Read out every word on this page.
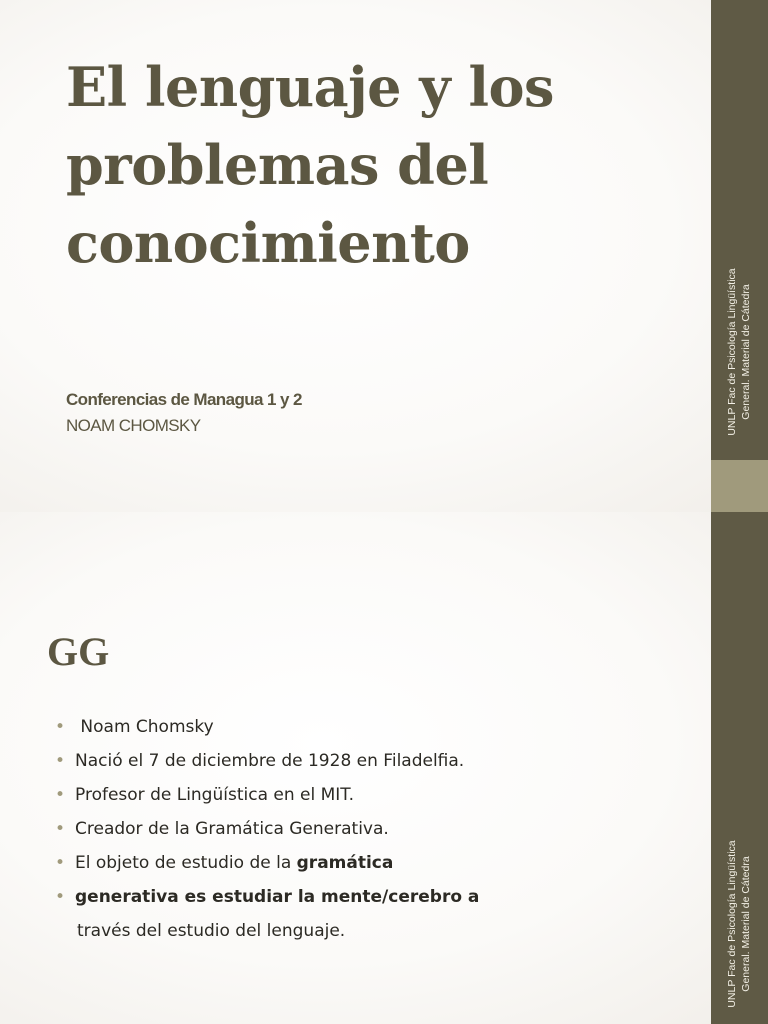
El lenguaje y los
problemas del
conocimiento
Conferencias de Managua 1 y 2
NOAM CHOMSKY	UNLP Fac de Psicología Lingüística General. Material de Cátedra
GG
• Noam Chomsky
• Nació el 7 de diciembre de 1928 en Filadelfia.
• Profesor de Lingüística en el MIT.
• Creador de la Gramática Generativa.
• El objeto de estudio de la gramática
• generativa es estudiar la mente/cerebro a
través del estudio del lenguaje.	UNLP Fac de Psicología Lingüística General. Material de Cátedra
